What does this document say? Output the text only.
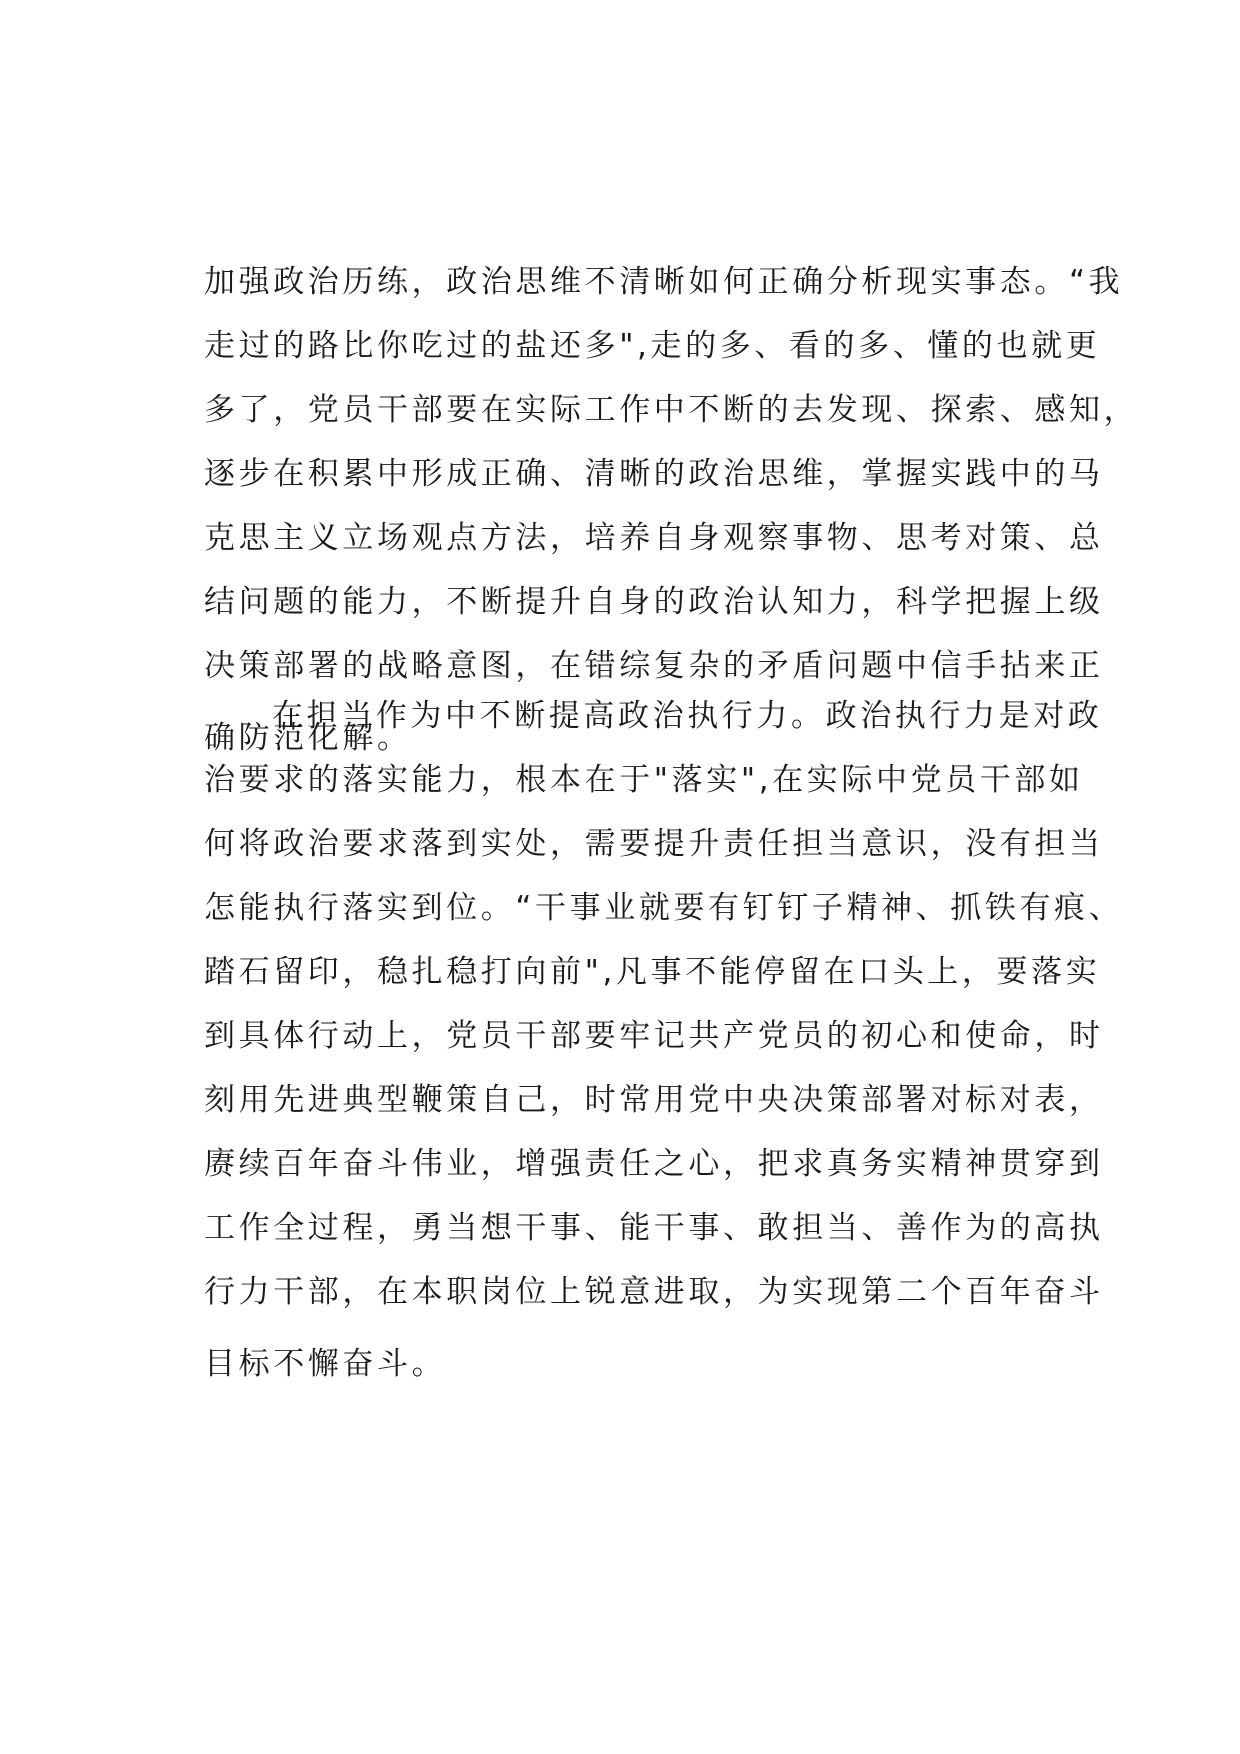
加强政治历练，政治思维不清晰如何正确分析现实事态。“我
走过的路比你吃过的盐还多",走的多、看的多、懂的也就更
多了，党员干部要在实际工作中不断的去发现、探索、感知，
逐步在积累中形成正确、清晰的政治思维，掌握实践中的马
克思主义立场观点方法，培养自身观察事物、思考对策、总
结问题的能力，不断提升自身的政治认知力，科学把握上级
决策部署的战略意图，在错综复杂的矛盾问题中信手拈来正
确防范化解。
在担当作为中不断提高政治执行力。政治执行力是对政
治要求的落实能力，根本在于"落实",在实际中党员干部如
何将政治要求落到实处，需要提升责任担当意识，没有担当
怎能执行落实到位。“干事业就要有钉钉子精神、抓铁有痕、
踏石留印，稳扎稳打向前",凡事不能停留在口头上，要落实
到具体行动上，党员干部要牢记共产党员的初心和使命，时
刻用先进典型鞭策自己，时常用党中央决策部署对标对表，
赓续百年奋斗伟业，增强责任之心，把求真务实精神贯穿到
工作全过程，勇当想干事、能干事、敢担当、善作为的高执
行力干部，在本职岗位上锐意进取，为实现第二个百年奋斗
目标不懈奋斗。
